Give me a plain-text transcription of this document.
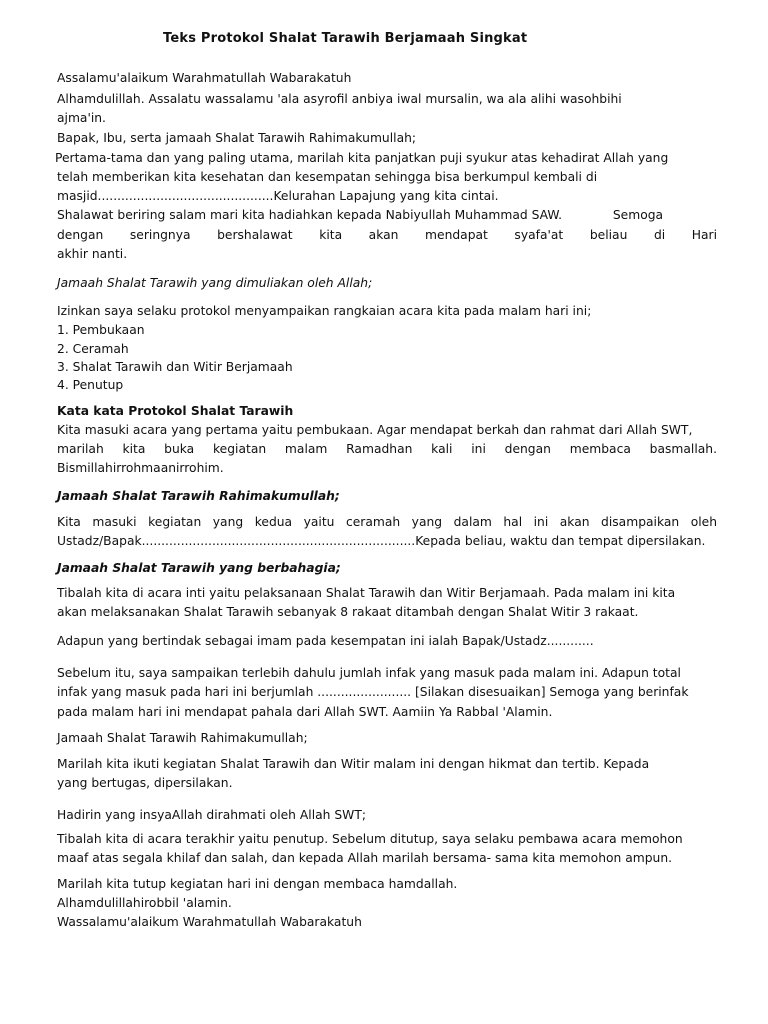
Teks Protokol Shalat Tarawih Berjamaah Singkat
Assalamu'alaikum Warahmatullah Wabarakatuh
Alhamdulillah. Assalatu wassalamu 'ala asyrofil anbiya iwal mursalin, wa ala alihi wasohbihi
ajma'in.
Bapak, Ibu, serta jamaah Shalat Tarawih Rahimakumullah;
Pertama-tama dan yang paling utama, marilah kita panjatkan puji syukur atas kehadirat Allah yang
telah memberikan kita kesehatan dan kesempatan sehingga bisa berkumpul kembali di
masjid.............................................Kelurahan Lapajung yang kita cintai.
Shalawat beriring salam mari kita hadiahkan kepada Nabiyullah Muhammad SAW.             Semoga
dengan seringnya bershalawat kita akan mendapat syafa'at beliau di Hari
akhir nanti.
Jamaah Shalat Tarawih yang dimuliakan oleh Allah;
Izinkan saya selaku protokol menyampaikan rangkaian acara kita pada malam hari ini;
1. Pembukaan
2. Ceramah
3. Shalat Tarawih dan Witir Berjamaah
4. Penutup
Kata kata Protokol Shalat Tarawih
Kita masuki acara yang pertama yaitu pembukaan. Agar mendapat berkah dan rahmat dari Allah SWT,
marilah kita buka kegiatan malam Ramadhan kali ini dengan membaca basmallah.
Bismillahirrohmaanirrohim.
Jamaah Shalat Tarawih Rahimakumullah;
Kita masuki kegiatan yang kedua yaitu ceramah yang dalam hal ini akan disampaikan oleh
Ustadz/Bapak......................................................................Kepada beliau, waktu dan tempat dipersilakan.
Jamaah Shalat Tarawih yang berbahagia;
Tibalah kita di acara inti yaitu pelaksanaan Shalat Tarawih dan Witir Berjamaah. Pada malam ini kita
akan melaksanakan Shalat Tarawih sebanyak 8 rakaat ditambah dengan Shalat Witir 3 rakaat.
Adapun yang bertindak sebagai imam pada kesempatan ini ialah Bapak/Ustadz............
Sebelum itu, saya sampaikan terlebih dahulu jumlah infak yang masuk pada malam ini. Adapun total
infak yang masuk pada hari ini berjumlah ........................ [Silakan disesuaikan] Semoga yang berinfak
pada malam hari ini mendapat pahala dari Allah SWT. Aamiin Ya Rabbal 'Alamin.
Jamaah Shalat Tarawih Rahimakumullah;
Marilah kita ikuti kegiatan Shalat Tarawih dan Witir malam ini dengan hikmat dan tertib. Kepada
yang bertugas, dipersilakan.
Hadirin yang insyaAllah dirahmati oleh Allah SWT;
Tibalah kita di acara terakhir yaitu penutup. Sebelum ditutup, saya selaku pembawa acara memohon
maaf atas segala khilaf dan salah, dan kepada Allah marilah bersama- sama kita memohon ampun.
Marilah kita tutup kegiatan hari ini dengan membaca hamdallah.
Alhamdulillahirobbil 'alamin.
Wassalamu'alaikum Warahmatullah Wabarakatuh
